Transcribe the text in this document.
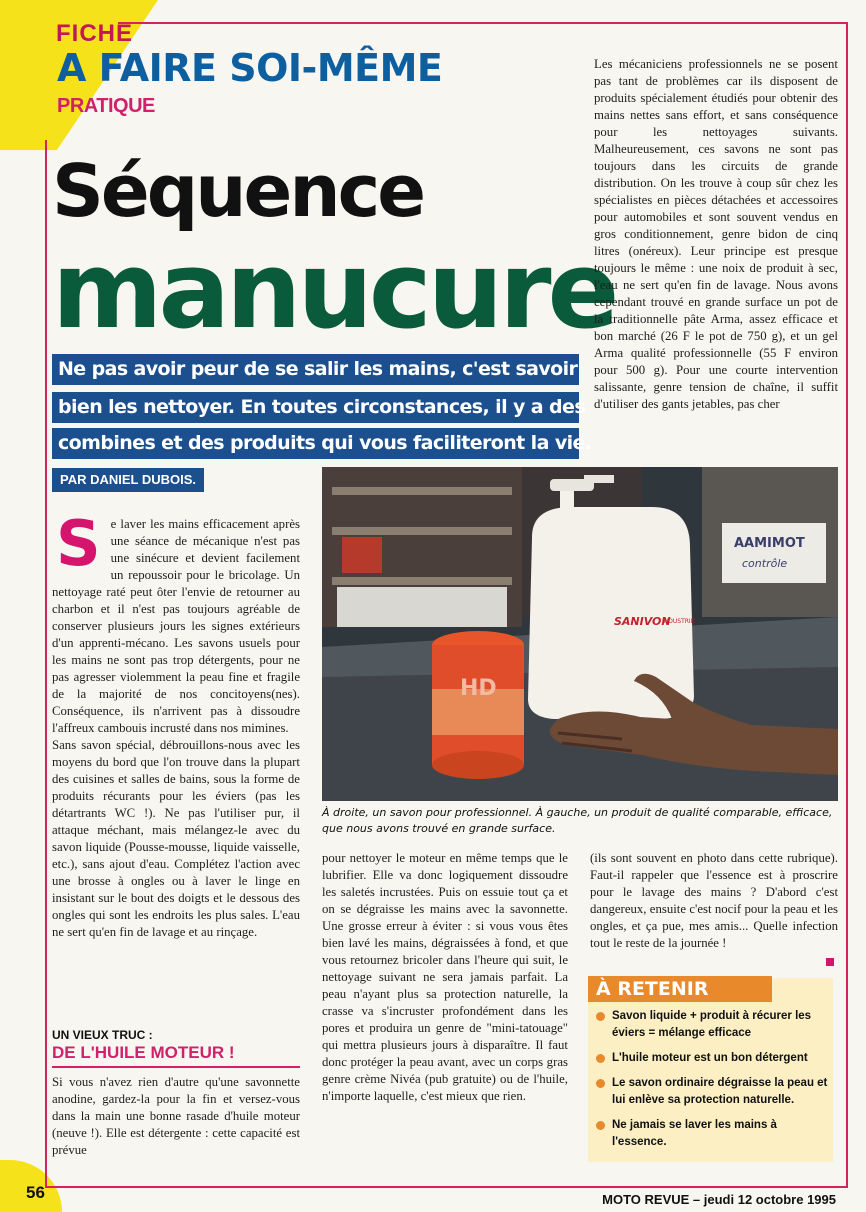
FICHE
A FAIRE SOI-MÊME
PRATIQUE
Séquence
manucure
Ne pas avoir peur de se salir les mains, c'est savoir
bien les nettoyer. En toutes circonstances, il y a des
combines et des produits qui vous faciliteront la vie.
PAR DANIEL DUBOIS.
S e laver les mains efficacement après une séance de mécanique n'est pas une sinécure et devient facilement un repoussoir pour le bricolage. Un nettoyage raté peut ôter l'envie de retourner au charbon et il n'est pas toujours agréable de conserver plusieurs jours les signes extérieurs d'un apprenti-mécano. Les savons usuels pour les mains ne sont pas trop détergents, pour ne pas agresser violemment la peau fine et fragile de la majorité de nos concitoyens(nes). Conséquence, ils n'arrivent pas à dissoudre l'affreux cambouis incrusté dans nos mimines.

Sans savon spécial, débrouillons-nous avec les moyens du bord que l'on trouve dans la plupart des cuisines et salles de bains, sous la forme de produits récurants pour les éviers (pas les détartrants WC !). Ne pas l'utiliser pur, il attaque méchant, mais mélangez-le avec du savon liquide (Pousse-mousse, liquide vaisselle, etc.), sans ajout d'eau. Complétez l'action avec une brosse à ongles ou à laver le linge en insistant sur le bout des doigts et le dessous des ongles qui sont les endroits les plus sales. L'eau ne sert qu'en fin de lavage et au rinçage.

UN VIEUX TRUC :
DE L'HUILE MOTEUR !
Si vous n'avez rien d'autre qu'une savonnette anodine, gardez-la pour la fin et versez-vous dans la main une bonne rasade d'huile moteur (neuve !). Elle est détergente : cette capacité est prévue
Les mécaniciens professionnels ne se posent pas tant de problèmes car ils disposent de produits spécialement étudiés pour obtenir des mains nettes sans effort, et sans conséquence pour les nettoyages suivants. Malheureusement, ces savons ne sont pas toujours dans les circuits de grande distribution. On les trouve à coup sûr chez les spécialistes en pièces détachées et accessoires pour automobiles et sont souvent vendus en gros conditionnement, genre bidon de cinq litres (onéreux). Leur principe est presque toujours le même : une noix de produit à sec, l'eau ne sert qu'en fin de lavage. Nous avons cependant trouvé en grande surface un pot de la traditionnelle pâte Arma, assez efficace et bon marché (26 F le pot de 750 g), et un gel Arma qualité professionnelle (55 F environ pour 500 g). Pour une courte intervention salissante, genre tension de chaîne, il suffit d'utiliser des gants jetables, pas cher
AAMIMOT
contrôle
SANIVON
INDUSTRIE
HD
À droite, un savon pour professionnel. À gauche, un produit de qualité comparable, efficace, que nous avons trouvé en grande surface.
pour nettoyer le moteur en même temps que le lubrifier. Elle va donc logiquement dissoudre les saletés incrustées. Puis on essuie tout ça et on se dégraisse les mains avec la savonnette. Une grosse erreur à éviter : si vous vous êtes bien lavé les mains, dégraissées à fond, et que vous retournez bricoler dans l'heure qui suit, le nettoyage suivant ne sera jamais parfait. La peau n'ayant plus sa protection naturelle, la crasse va s'incruster profondément dans les pores et produira un genre de "mini-tatouage" qui mettra plusieurs jours à disparaître. Il faut donc protéger la peau avant, avec un corps gras genre crème Nivéa (pub gratuite) ou de l'huile, n'importe laquelle, c'est mieux que rien.
(ils sont souvent en photo dans cette rubrique). Faut-il rappeler que l'essence est à proscrire pour le lavage des mains ? D'abord c'est dangereux, ensuite c'est nocif pour la peau et les ongles, et ça pue, mes amis... Quelle infection tout le reste de la journée !
À RETENIR
Savon liquide + produit à récurer les éviers = mélange efficace
L'huile moteur est un bon détergent
Le savon ordinaire dégraisse la peau et lui enlève sa protection naturelle.
Ne jamais se laver les mains à l'essence.
56	MOTO REVUE – jeudi 12 octobre 1995
